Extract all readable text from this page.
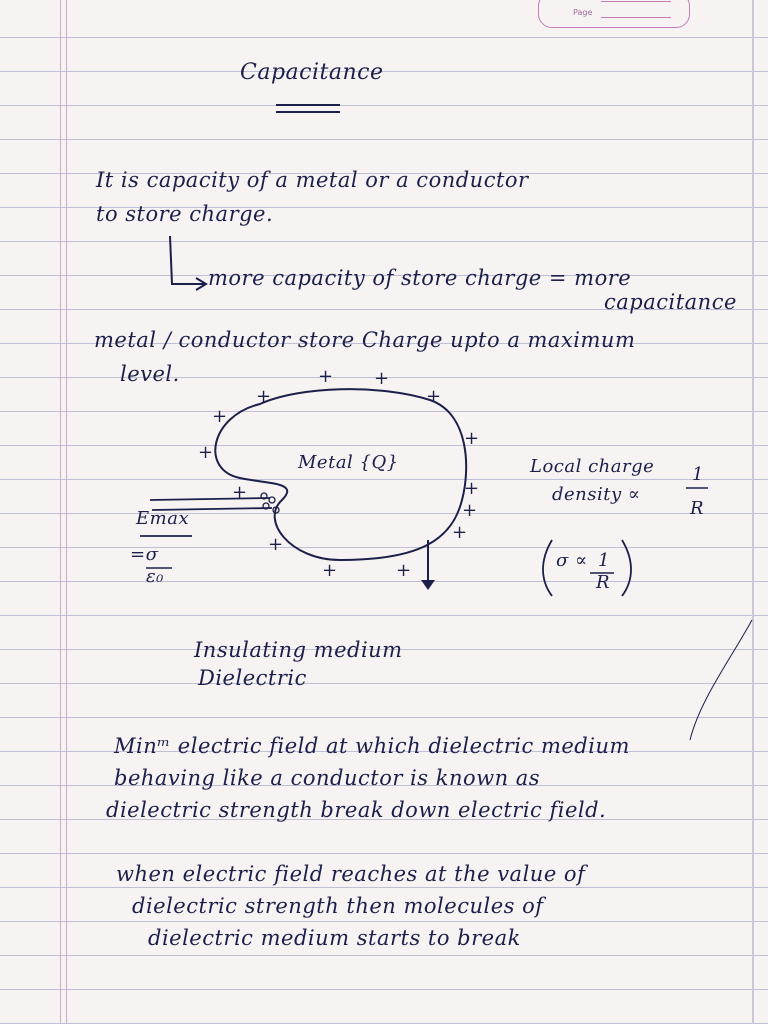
Page
Capacitance
It is capacity of a metal or a conductor
to store charge.
more capacity of store charge = more
capacitance
metal / conductor store Charge upto a maximum
level.	+ +
+	+
+
+
+
+
+
+
+
+
+	+
Metal {Q}
Emax
=σ
ε₀
Local charge
density ∝
1
R
σ ∝ 1
R
Insulating medium
Dielectric
Minᵐ electric field at which dielectric medium
behaving like a conductor is known as
dielectric strength break down electric field.
when electric field reaches at the value of
dielectric strength then molecules of
dielectric medium starts to break
